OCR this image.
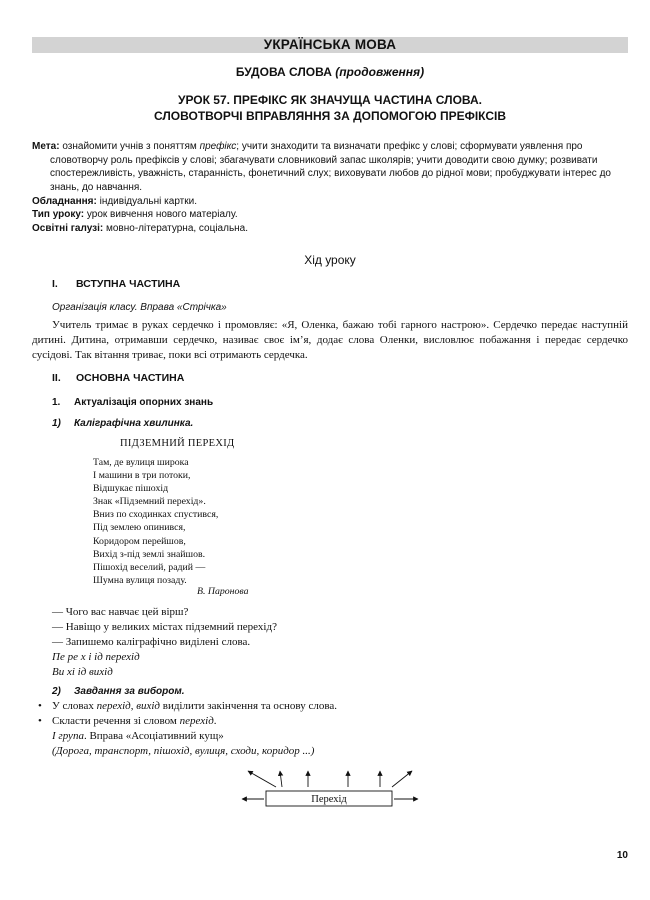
УКРАЇНСЬКА МОВА
БУДОВА СЛОВА (продовження)
УРОК 57. ПРЕФІКС ЯК ЗНАЧУЩА ЧАСТИНА СЛОВА.
СЛОВОТВОРЧІ ВПРАВЛЯННЯ ЗА ДОПОМОГОЮ ПРЕФІКСІВ

Мета: ознайомити учнів з поняттям префікс; учити знаходити та визначати префікс у слові; сформувати уявлення про словотворчу роль префіксів у слові; збагачувати словниковий запас школярів; учити доводити свою думку; розвивати спостережливість, уважність, старанність, фонетичний слух; виховувати любов до рідної мови; пробуджувати інтерес до знань, до навчання.

Обладнання: індивідуальні картки.

Тип уроку: урок вивчення нового матеріалу.

Освітні галузі: мовно-літературна, соціальна.

Хід уроку
I. ВСТУПНА ЧАСТИНА
Організація класу. Вправа «Стрічка»
Учитель тримає в руках сердечко і промовляє: «Я, Оленка, бажаю тобі гарного настрою». Сердечко передає наступній дитині. Дитина, отримавши сердечко, називає своє ім’я, додає слова Оленки, висловлює побажання і передає сердечко сусідові. Так вітання триває, поки всі отримають сердечка.
II. ОСНОВНА ЧАСТИНА
1. Актуалізація опорних знань
1) Каліграфічна хвилинка.
ПІДЗЕМНИЙ ПЕРЕХІД
Там, де вулиця широка
І машини в три потоки,
Відшукає пішохід
Знак «Підземний перехід».
Вниз по сходинках спустився,
Під землею опинився,
Коридором перейшов,
Вихід з-під землі знайшов.
Пішохід веселий, радий —
Шумна вулиця позаду.
В. Паронова
— Чого вас навчає цей вірш?
— Навіщо у великих містах підземний перехід?
— Запишемо каліграфічно виділені слова.
Пе ре х і ід перехід
Ви хі ід вихід
2) Завдання за вибором.
• У словах перехід, вихід виділити закінчення та основу слова.
• Скласти речення зі словом перехід.
I група. Вправа «Асоціативний кущ»
(Дорога, транспорт, пішохід, вулиця, сходи, коридор ...)
Перехід
10
